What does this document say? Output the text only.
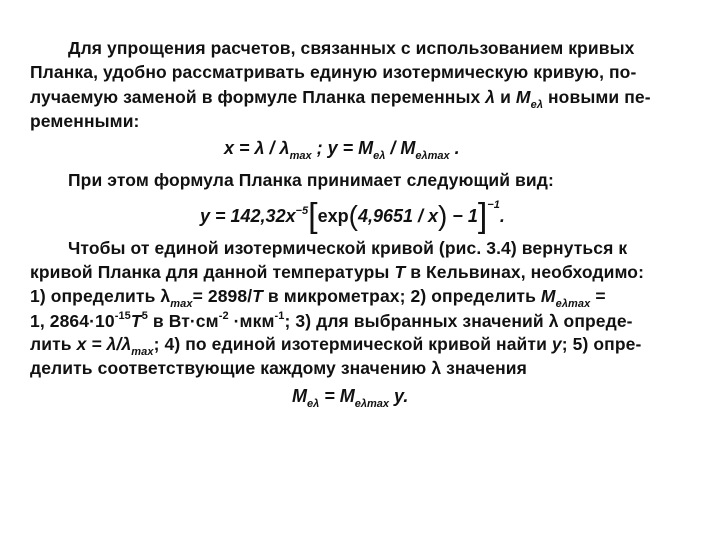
Для упрощения расчетов, связанных с использованием кривых
Планка, удобно рассматривать единую изотермическую кривую, по-
лучаемую заменой в формуле Планка переменных λ и $M_{e\lambda}$ новыми пе-
ременными:
$x = \lambda / \lambda_{max}$ ; $y = M_{e\lambda} / M_{e\lambda max}$ .
При этом формула Планка принимает следующий вид:
$y = 142,32x^{-5}[\exp(4,9651 / x) - 1]^{-1}$.
Чтобы от единой изотермической кривой (рис. 3.4) вернуться к
кривой Планка для данной температуры T в Кельвинах, необходимо:
1) определить $\lambda_{max}= 2898/T$ в микрометрах; 2) определить $M_{e\lambda max}$ =
1, $2864\cdot 10^{-15}T^5$ в $Вт\cdot см^{-2} \cdot мкм^{-1}$; 3) для выбранных значений λ опреде-
лить $x = \lambda/\lambda_{max}$; 4) по единой изотермической кривой найти y; 5) опре-
делить соответствующие каждому значению λ значения
$M_{e\lambda} = M_{e\lambda max}$ y.
